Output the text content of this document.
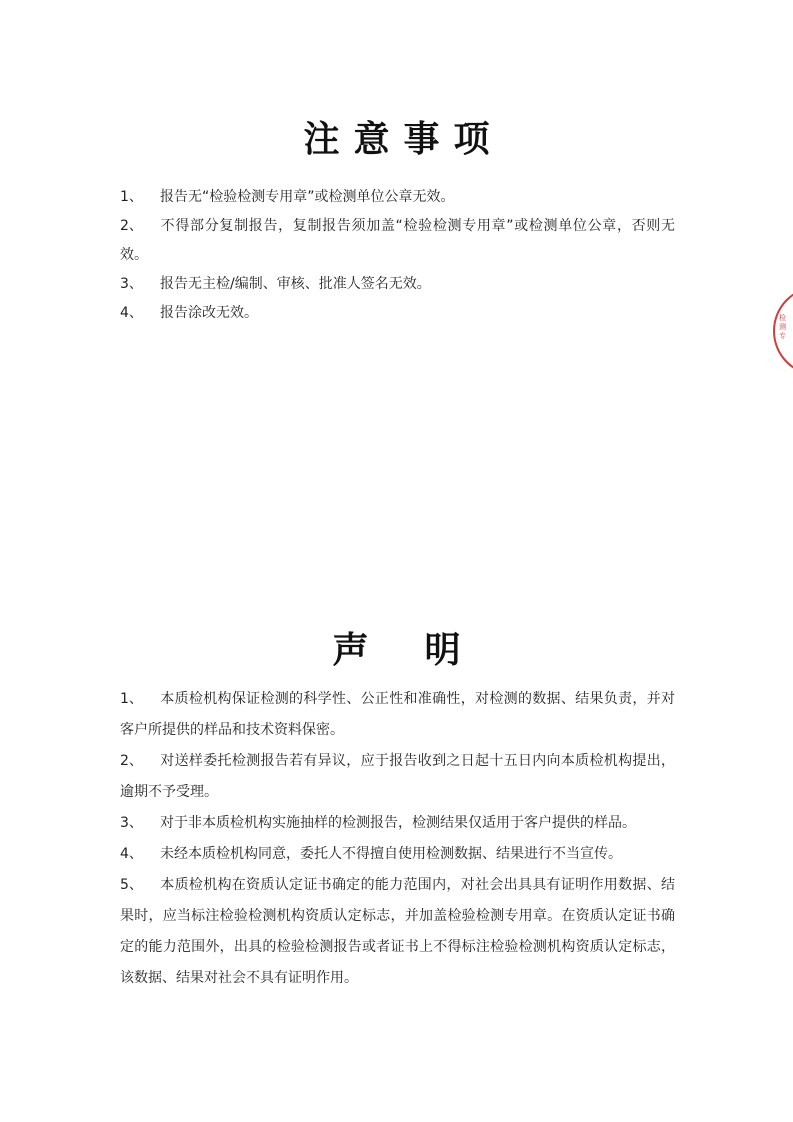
注意事项
1、 报告无“检验检测专用章”或检测单位公章无效。
2、 不得部分复制报告，复制报告须加盖“检验检测专用章”或检测单位公章，否则无效。
3、 报告无主检/编制、审核、批准人签名无效。
4、 报告涂改无效。	检测专
声 明
1、 本质检机构保证检测的科学性、公正性和准确性，对检测的数据、结果负责，并对客户所提供的样品和技术资料保密。
2、 对送样委托检测报告若有异议，应于报告收到之日起十五日内向本质检机构提出，逾期不予受理。
3、 对于非本质检机构实施抽样的检测报告，检测结果仅适用于客户提供的样品。
4、 未经本质检机构同意，委托人不得擅自使用检测数据、结果进行不当宣传。
5、 本质检机构在资质认定证书确定的能力范围内，对社会出具具有证明作用数据、结果时，应当标注检验检测机构资质认定标志，并加盖检验检测专用章。在资质认定证书确定的能力范围外，出具的检验检测报告或者证书上不得标注检验检测机构资质认定标志，该数据、结果对社会不具有证明作用。
